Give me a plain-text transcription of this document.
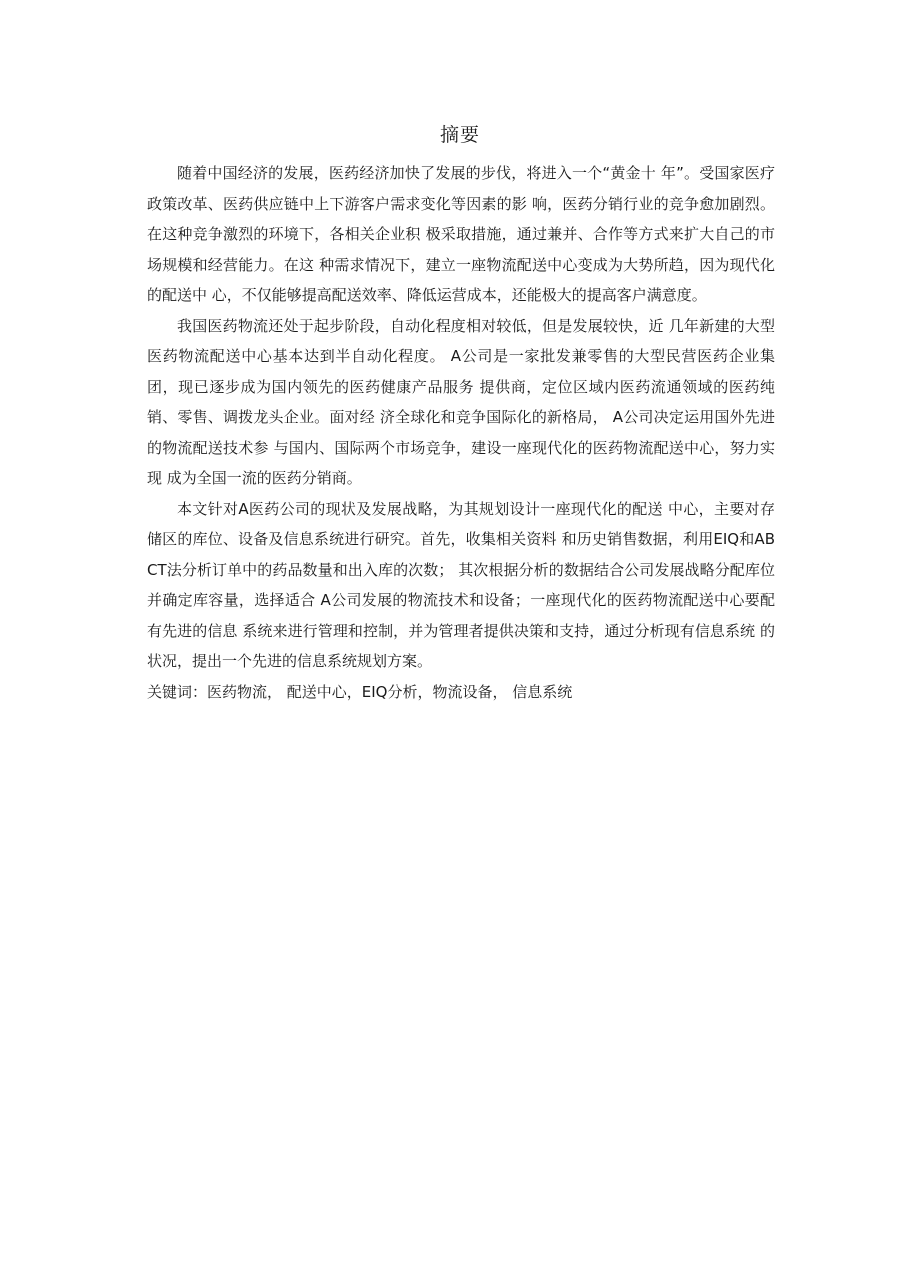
摘要

随着中国经济的发展，医药经济加快了发展的步伐，将进入一个“黄金十 年”。受国家医疗政策改革、医药供应链中上下游客户需求变化等因素的影 响，医药分销行业的竞争愈加剧烈。在这种竞争激烈的环境下，各相关企业积 极采取措施，通过兼并、合作等方式来扩大自己的市场规模和经营能力。在这 种需求情况下，建立一座物流配送中心变成为大势所趋，因为现代化的配送中 心，不仅能够提高配送效率、降低运营成本，还能极大的提高客户满意度。

我国医药物流还处于起步阶段，自动化程度相对较低，但是发展较快，近 几年新建的大型医药物流配送中心基本达到半自动化程度。 A公司是一家批发兼零售的大型民营医药企业集团，现已逐步成为国内领先的医药健康产品服务 提供商，定位区域内医药流通领域的医药纯销、零售、调拨龙头企业。面对经 济全球化和竞争国际化的新格局， A公司决定运用国外先进的物流配送技术参 与国内、国际两个市场竞争，建设一座现代化的医药物流配送中心，努力实现 成为全国一流的医药分销商。

本文针对A医药公司的现状及发展战略，为其规划设计一座现代化的配送 中心，主要对存储区的库位、设备及信息系统进行研究。首先，收集相关资料 和历史销售数据，利用EIQ和ABCT法分析订单中的药品数量和出入库的次数； 其次根据分析的数据结合公司发展战略分配库位并确定库容量，选择适合 A公司发展的物流技术和设备；一座现代化的医药物流配送中心要配有先进的信息 系统来进行管理和控制，并为管理者提供决策和支持，通过分析现有信息系统 的状况，提出一个先进的信息系统规划方案。

关键词：医药物流， 配送中心，EIQ分析，物流设备， 信息系统
